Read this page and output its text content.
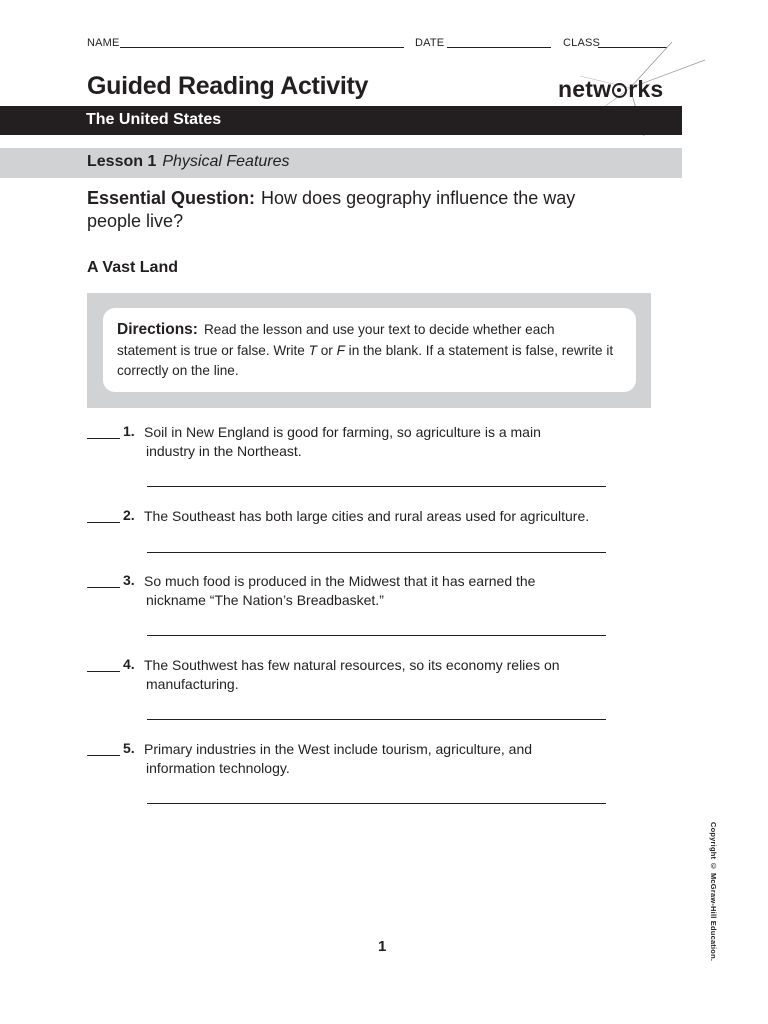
NAME	DATE	CLASS
Guided Reading Activity	netw rks
The United States
Lesson 1 Physical Features
Essential Question: How does geography influence the way people live?
A Vast Land
Directions: Read the lesson and use your text to decide whether each statement is true or false. Write T or F in the blank. If a statement is false, rewrite it correctly on the line.
1. Soil in New England is good for farming, so agriculture is a main
industry in the Northeast.
2. The Southeast has both large cities and rural areas used for agriculture.
3. So much food is produced in the Midwest that it has earned the
nickname “The Nation’s Breadbasket.”
4. The Southwest has few natural resources, so its economy relies on
manufacturing.
5. Primary industries in the West include tourism, agriculture, and
information technology.
Copyright © McGraw-Hill Education.
1
